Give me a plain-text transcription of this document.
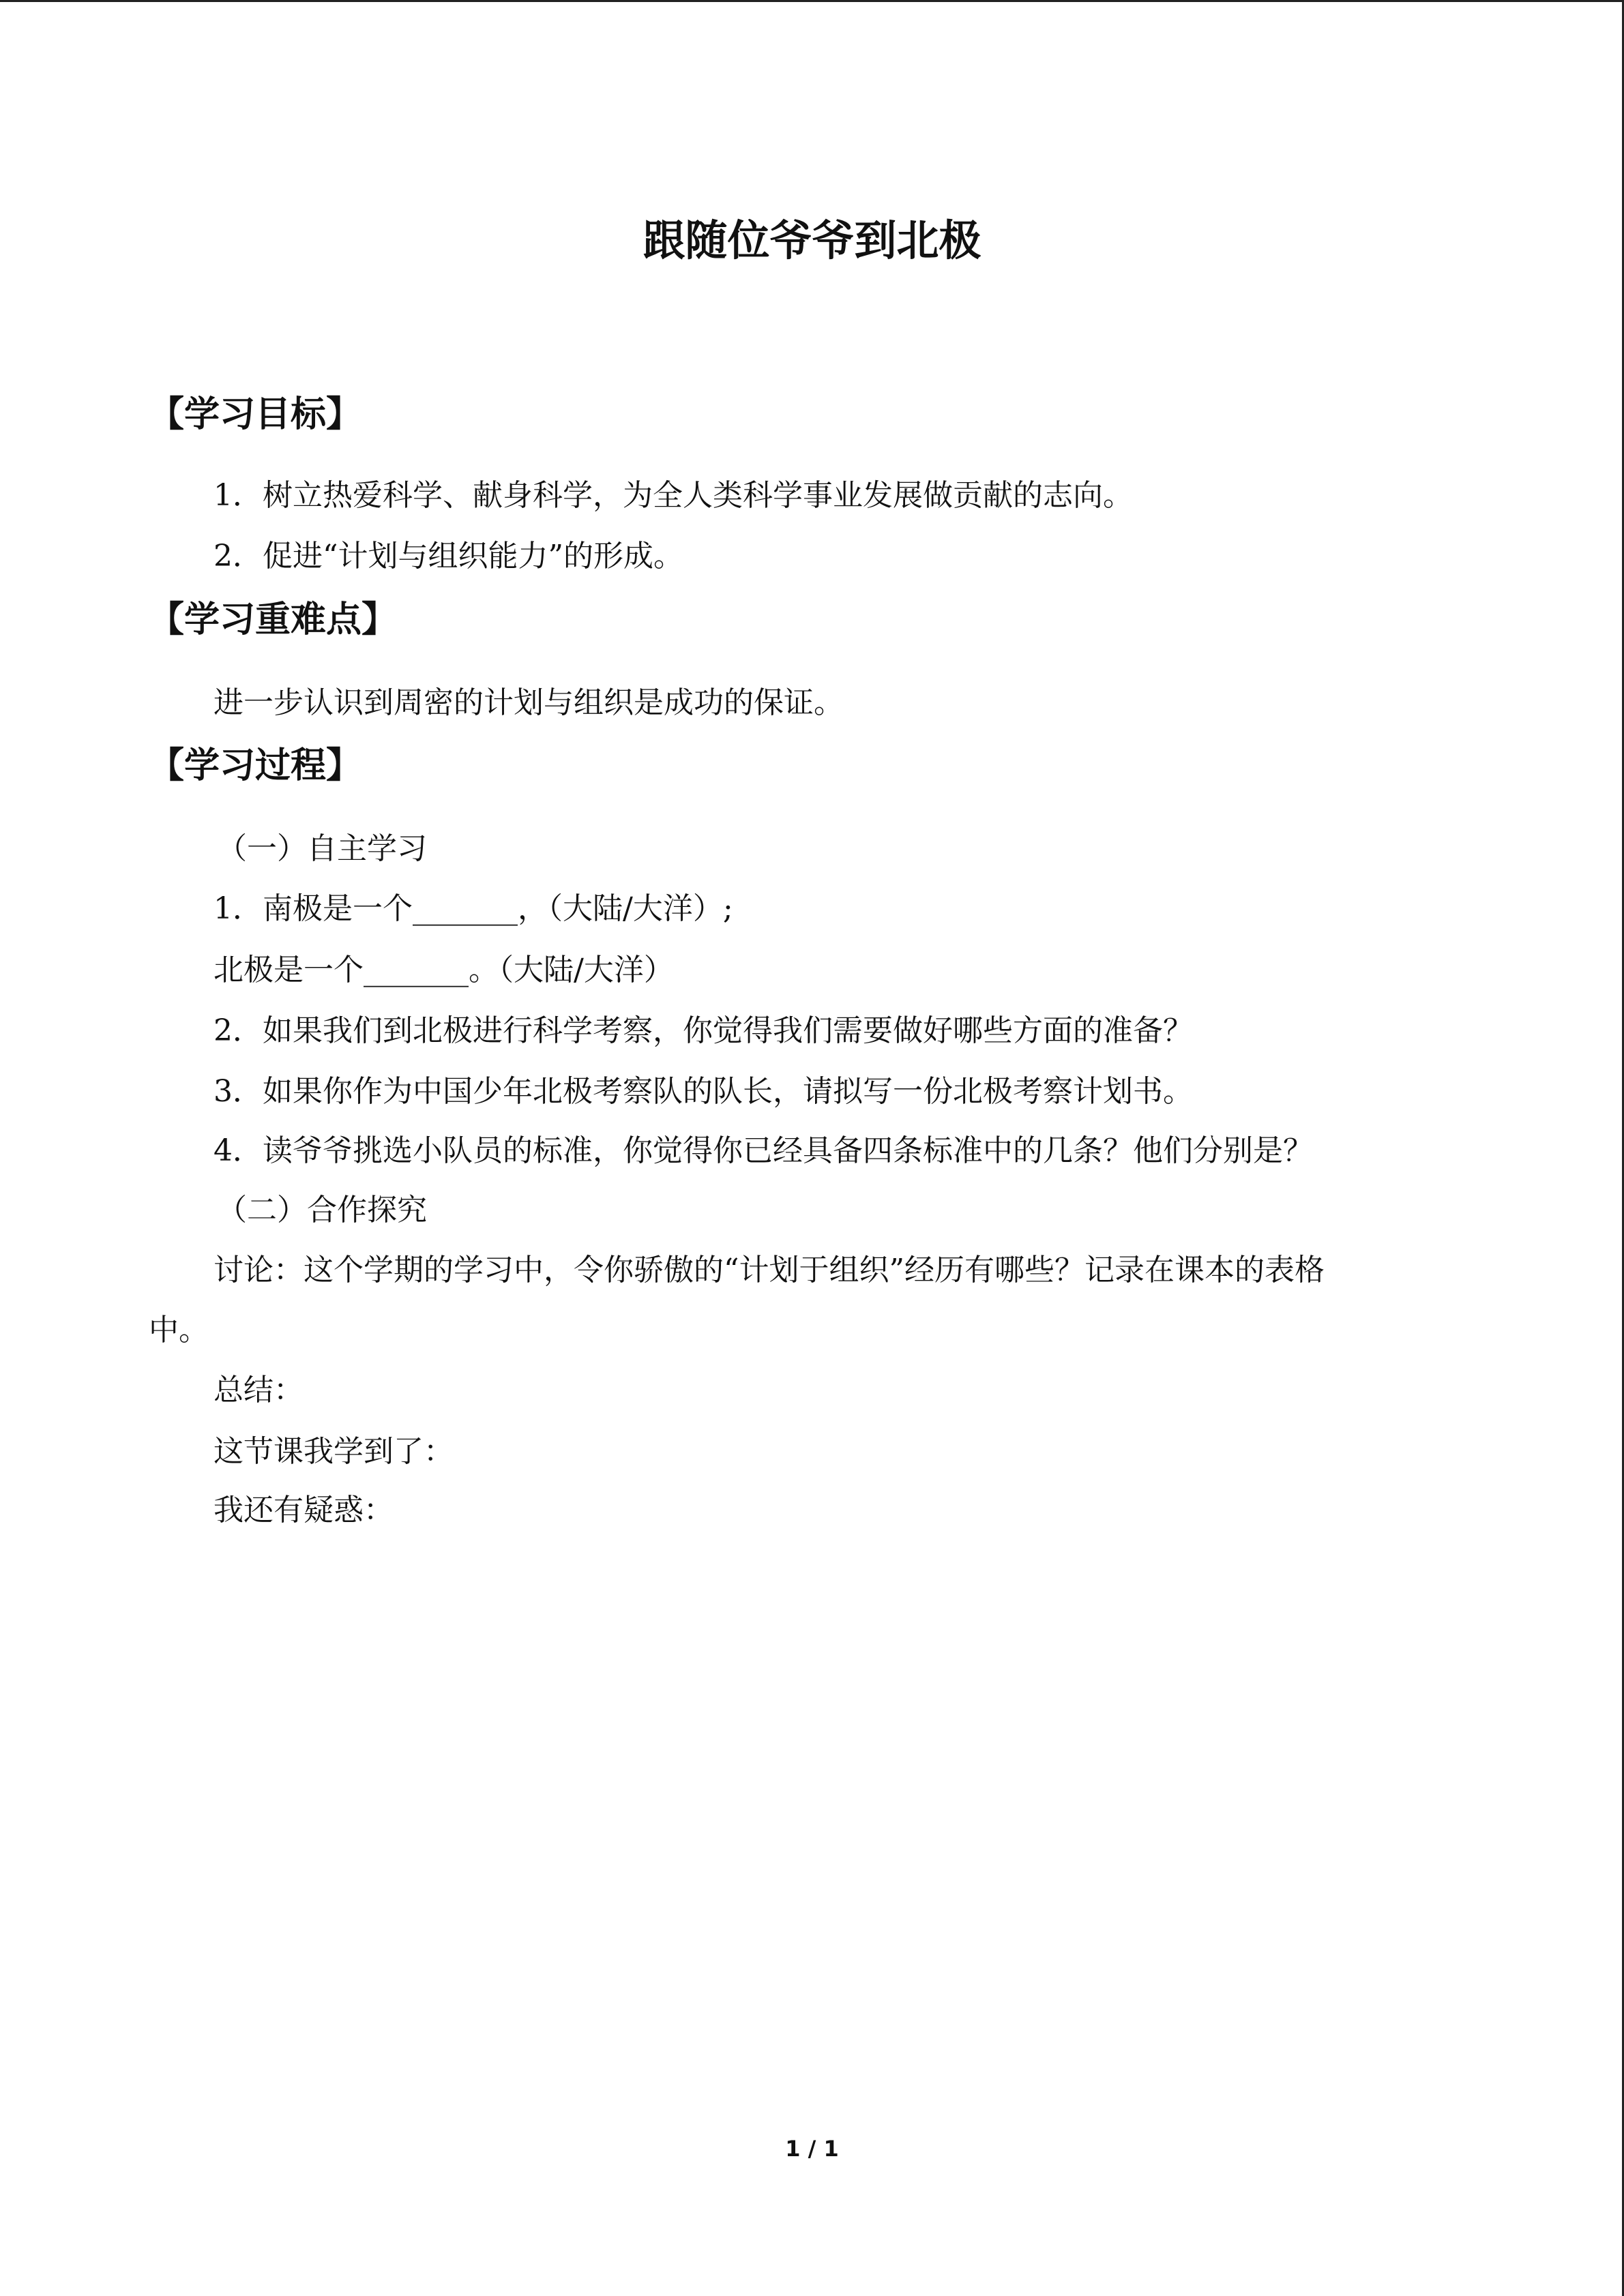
跟随位爷爷到北极
【学习目标】
1．树立热爱科学、献身科学，为全人类科学事业发展做贡献的志向。
2．促进“计划与组织能力”的形成。
【学习重难点】
进一步认识到周密的计划与组织是成功的保证。
【学习过程】
（一）自主学习
1．南极是一个_______，（大陆/大洋）;
北极是一个_______。（大陆/大洋）
2．如果我们到北极进行科学考察，你觉得我们需要做好哪些方面的准备？
3．如果你作为中国少年北极考察队的队长，请拟写一份北极考察计划书。
4．读爷爷挑选小队员的标准，你觉得你已经具备四条标准中的几条？他们分别是？
（二）合作探究
讨论：这个学期的学习中，令你骄傲的“计划于组织”经历有哪些？记录在课本的表格
中。
总结：
这节课我学到了：
我还有疑惑：
1 / 1
